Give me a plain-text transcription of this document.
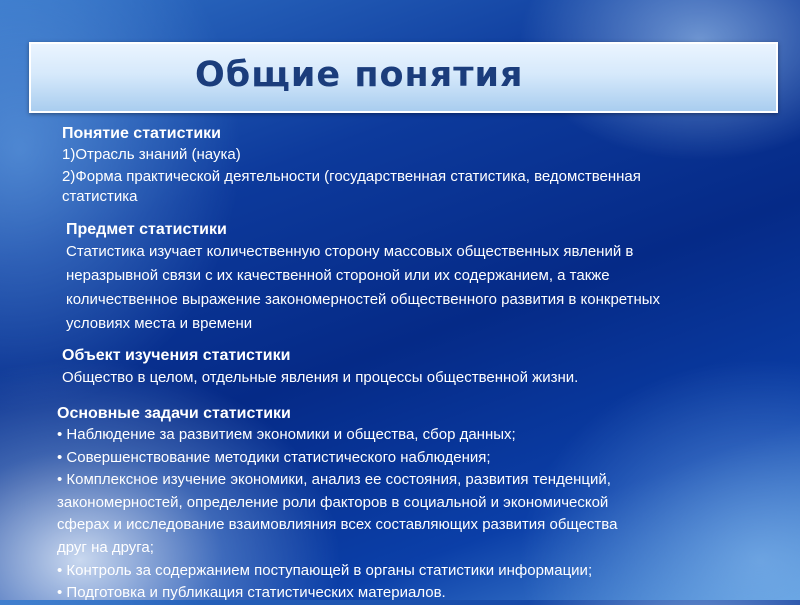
Общие понятия
Понятие статистики
1)Отрасль знаний (наука)
2)Форма практической деятельности (государственная статистика, ведомственная
статистика
Предмет статистики
Статистика изучает количественную сторону массовых общественных явлений в
неразрывной связи с их качественной стороной или их содержанием, а также
количественное выражение закономерностей общественного развития в конкретных
условиях места и времени
Объект изучения статистики
Общество в целом, отдельные явления и процессы общественной жизни.
Основные задачи статистики
• Наблюдение за развитием экономики и общества, сбор данных;
• Совершенствование методики статистического наблюдения;
• Комплексное изучение экономики, анализ ее состояния, развития тенденций,
закономерностей, определение роли факторов в социальной и экономической
сферах и исследование взаимовлияния всех составляющих развития общества
друг на друга;
• Контроль за содержанием поступающей в органы статистики информации;
• Подготовка и публикация статистических материалов.
